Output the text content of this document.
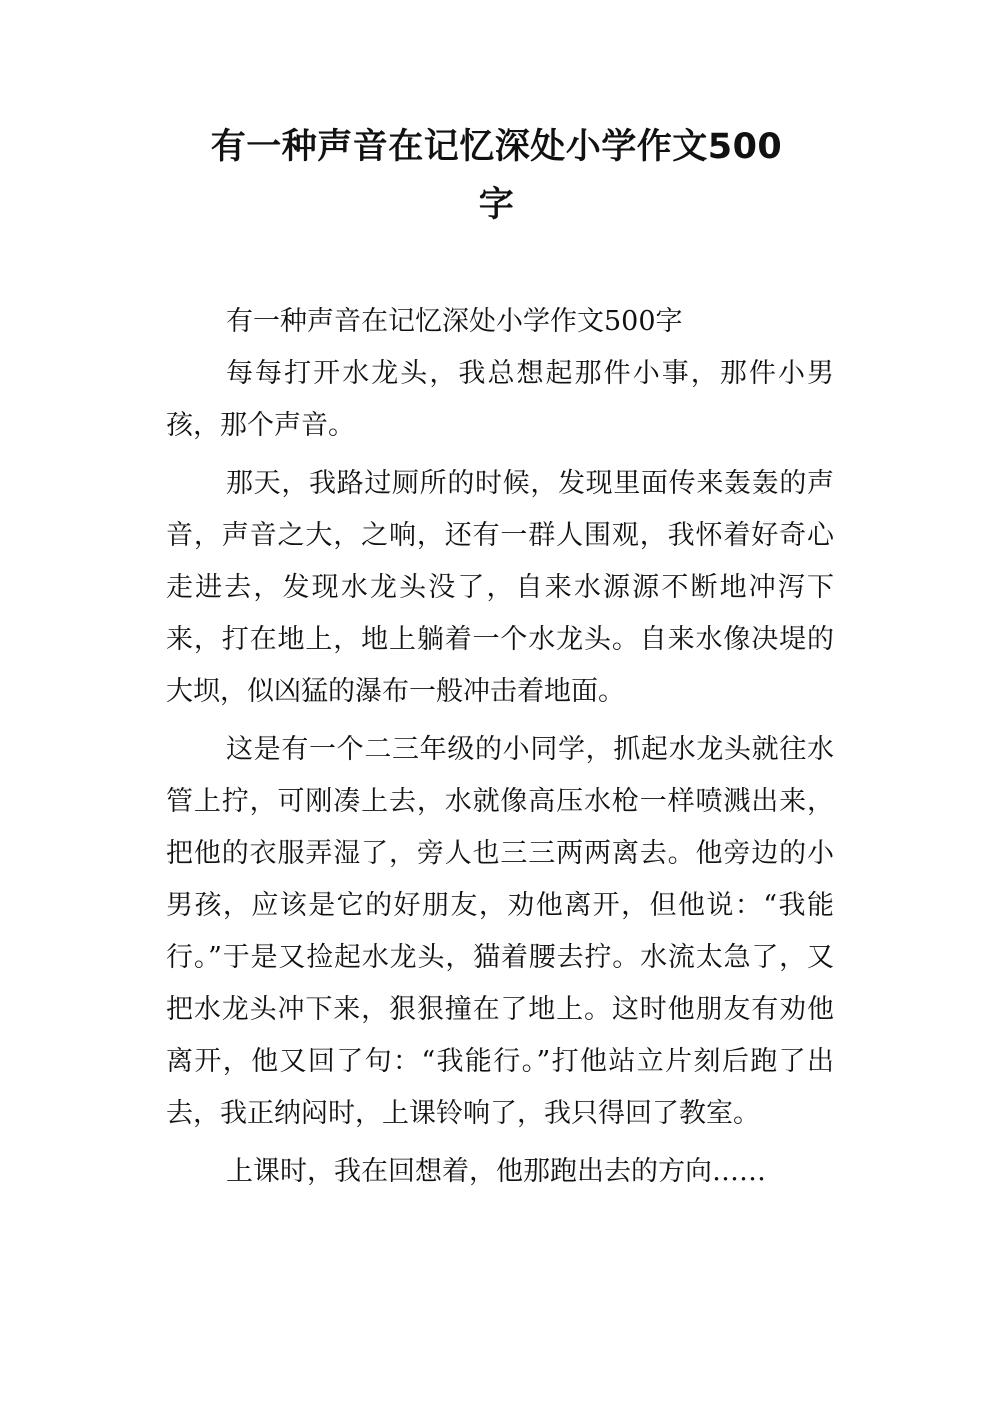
有一种声音在记忆深处小学作文500
字

有一种声音在记忆深处小学作文500字

每每打开水龙头，我总想起那件小事，那件小男孩，那个声音。

那天，我路过厕所的时候，发现里面传来轰轰的声音，声音之大，之响，还有一群人围观，我怀着好奇心走进去，发现水龙头没了，自来水源源不断地冲泻下来，打在地上，地上躺着一个水龙头。自来水像决堤的大坝，似凶猛的瀑布一般冲击着地面。

这是有一个二三年级的小同学，抓起水龙头就往水管上拧，可刚凑上去，水就像高压水枪一样喷溅出来，把他的衣服弄湿了，旁人也三三两两离去。他旁边的小男孩，应该是它的好朋友，劝他离开，但他说：“我能行。”于是又捡起水龙头，猫着腰去拧。水流太急了，又把水龙头冲下来，狠狠撞在了地上。这时他朋友有劝他离开，他又回了句：“我能行。”打他站立片刻后跑了出去，我正纳闷时，上课铃响了，我只得回了教室。

上课时，我在回想着，他那跑出去的方向……
